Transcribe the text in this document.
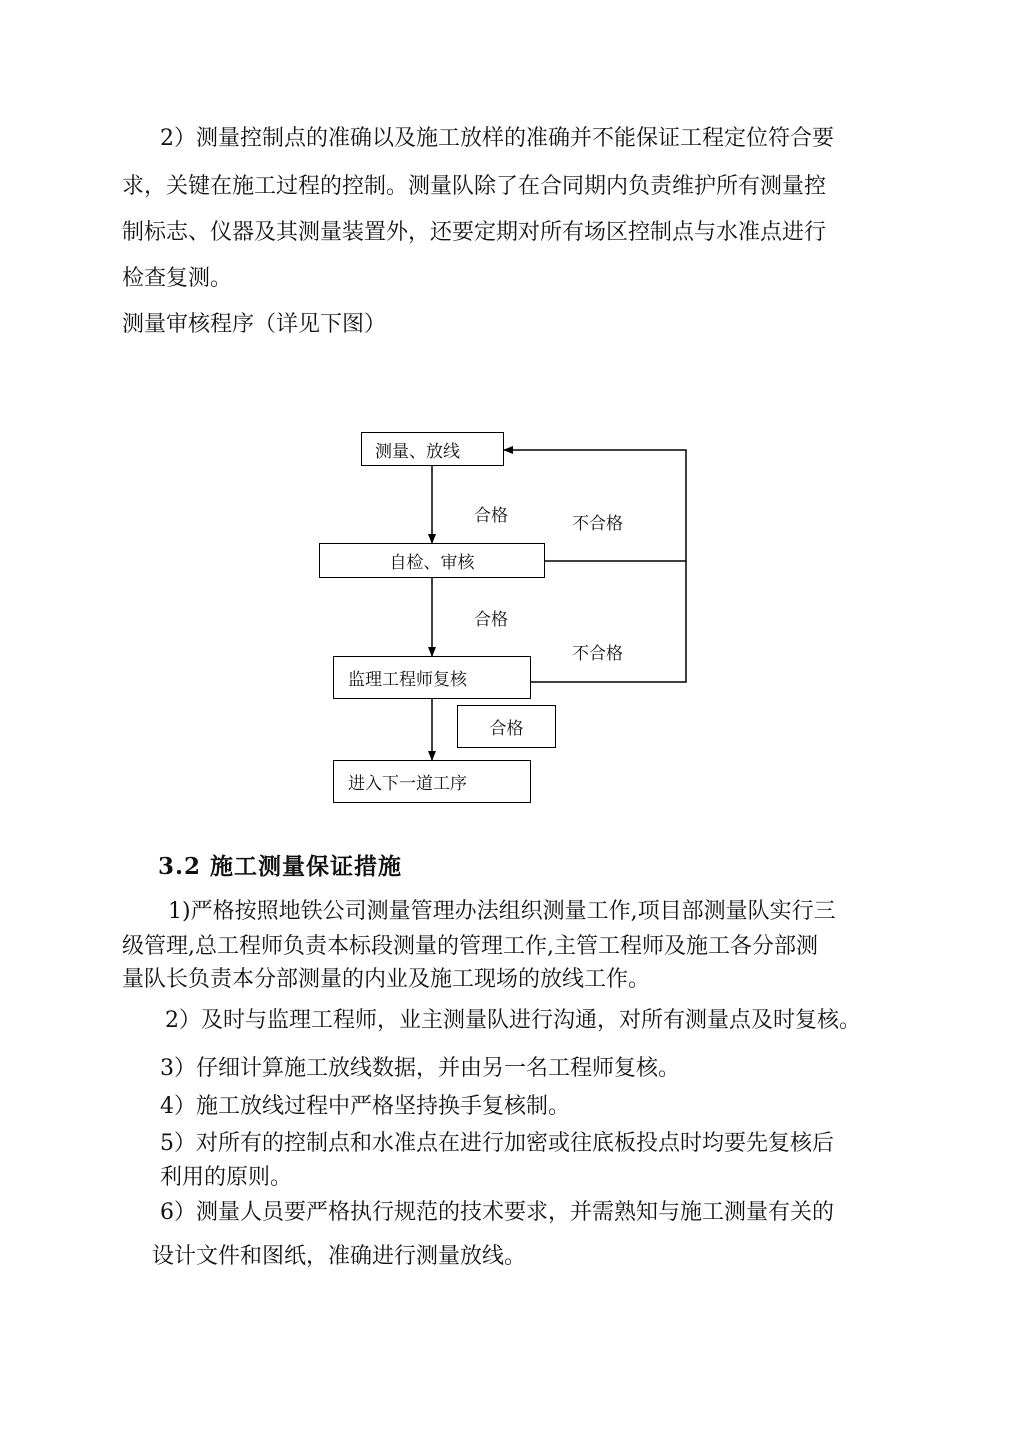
2）测量控制点的准确以及施工放样的准确并不能保证工程定位符合要
求，关键在施工过程的控制。测量队除了在合同期内负责维护所有测量控
制标志、仪器及其测量装置外，还要定期对所有场区控制点与水准点进行
检查复测。
测量审核程序（详见下图）
测量、放线
自检、审核
监理工程师复核
合格
进入下一道工序
合格	不合格
合格
不合格
3.2 施工测量保证措施
1)严格按照地铁公司测量管理办法组织测量工作,项目部测量队实行三
级管理,总工程师负责本标段测量的管理工作,主管工程师及施工各分部测
量队长负责本分部测量的内业及施工现场的放线工作。
2）及时与监理工程师，业主测量队进行沟通，对所有测量点及时复核。
3）仔细计算施工放线数据，并由另一名工程师复核。
4）施工放线过程中严格坚持换手复核制。
5）对所有的控制点和水准点在进行加密或往底板投点时均要先复核后
利用的原则。
6）测量人员要严格执行规范的技术要求，并需熟知与施工测量有关的
设计文件和图纸，准确进行测量放线。
